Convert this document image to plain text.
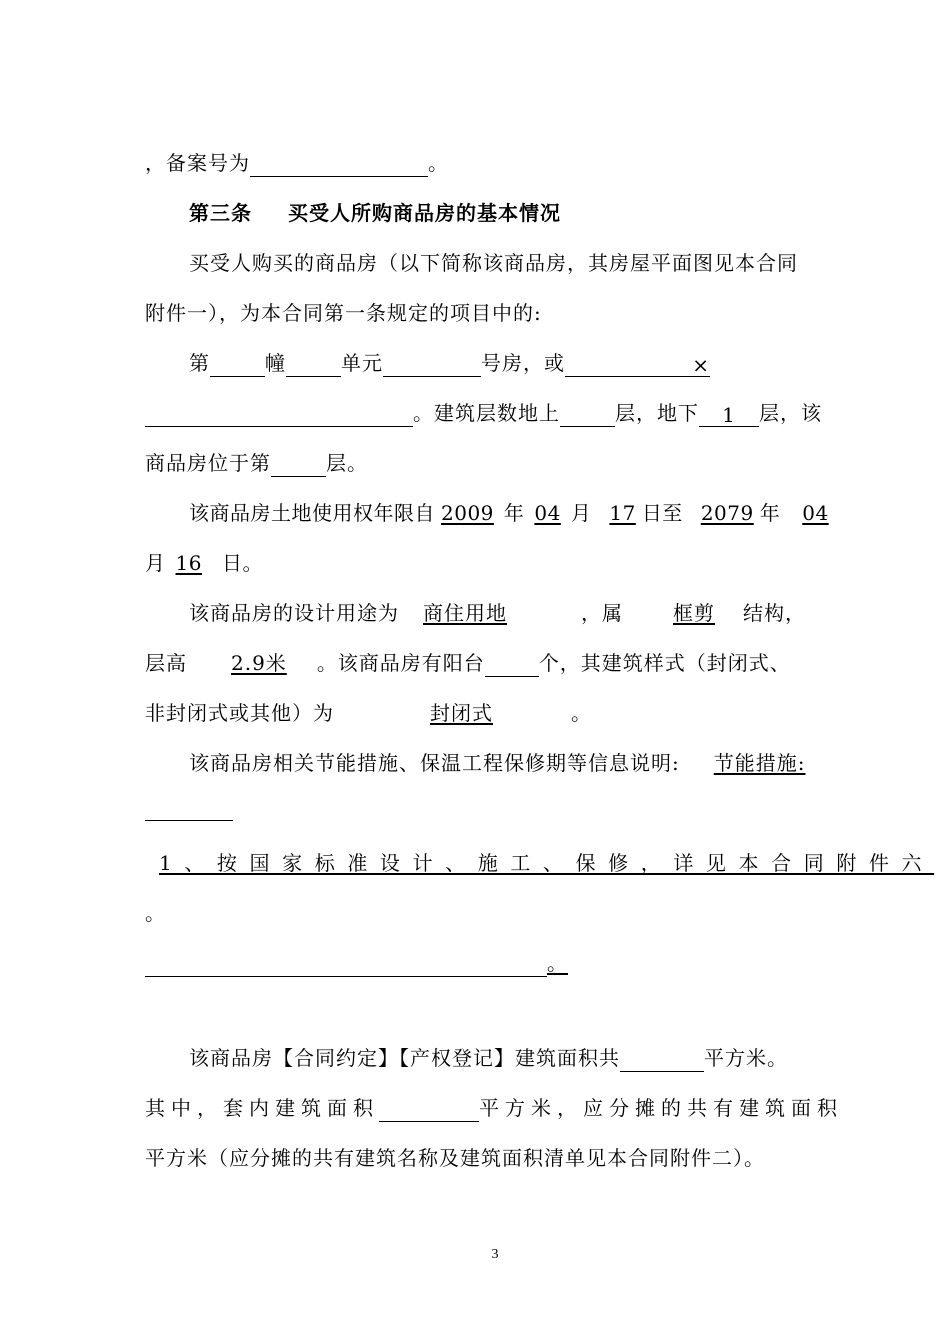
，备案号为	。
第三条 买受人所购商品房的基本情况
买受人购买的商品房（以下简称该商品房，其房屋平面图见本合同
附件一），为本合同第一条规定的项目中的:
第	幢	单元	号房，或	×
。建筑层数地上	层，地下 1 层，该
商品房位于第	层。
该商品房土地使用权年限自 2009 年 04 月 17 日至 2079 年 04
月 16 日。
该商品房的设计用途为 商住用地	，属	框剪 结构，
层高 2.9米 。该商品房有阳台	个，其建筑样式（封闭式、
非封闭式或其他）为	封闭式	。
该商品房相关节能措施、保温工程保修期等信息说明: 节能措施:
1、按国家标准设计、施工、保修，详见本合同附件六
。
。
该商品房【合同约定】【产权登记】建筑面积共	平方米。
其中，套内建筑面积	平方米，应分摊的共有建筑面积
平方米（应分摊的共有建筑名称及建筑面积清单见本合同附件二）。
3
